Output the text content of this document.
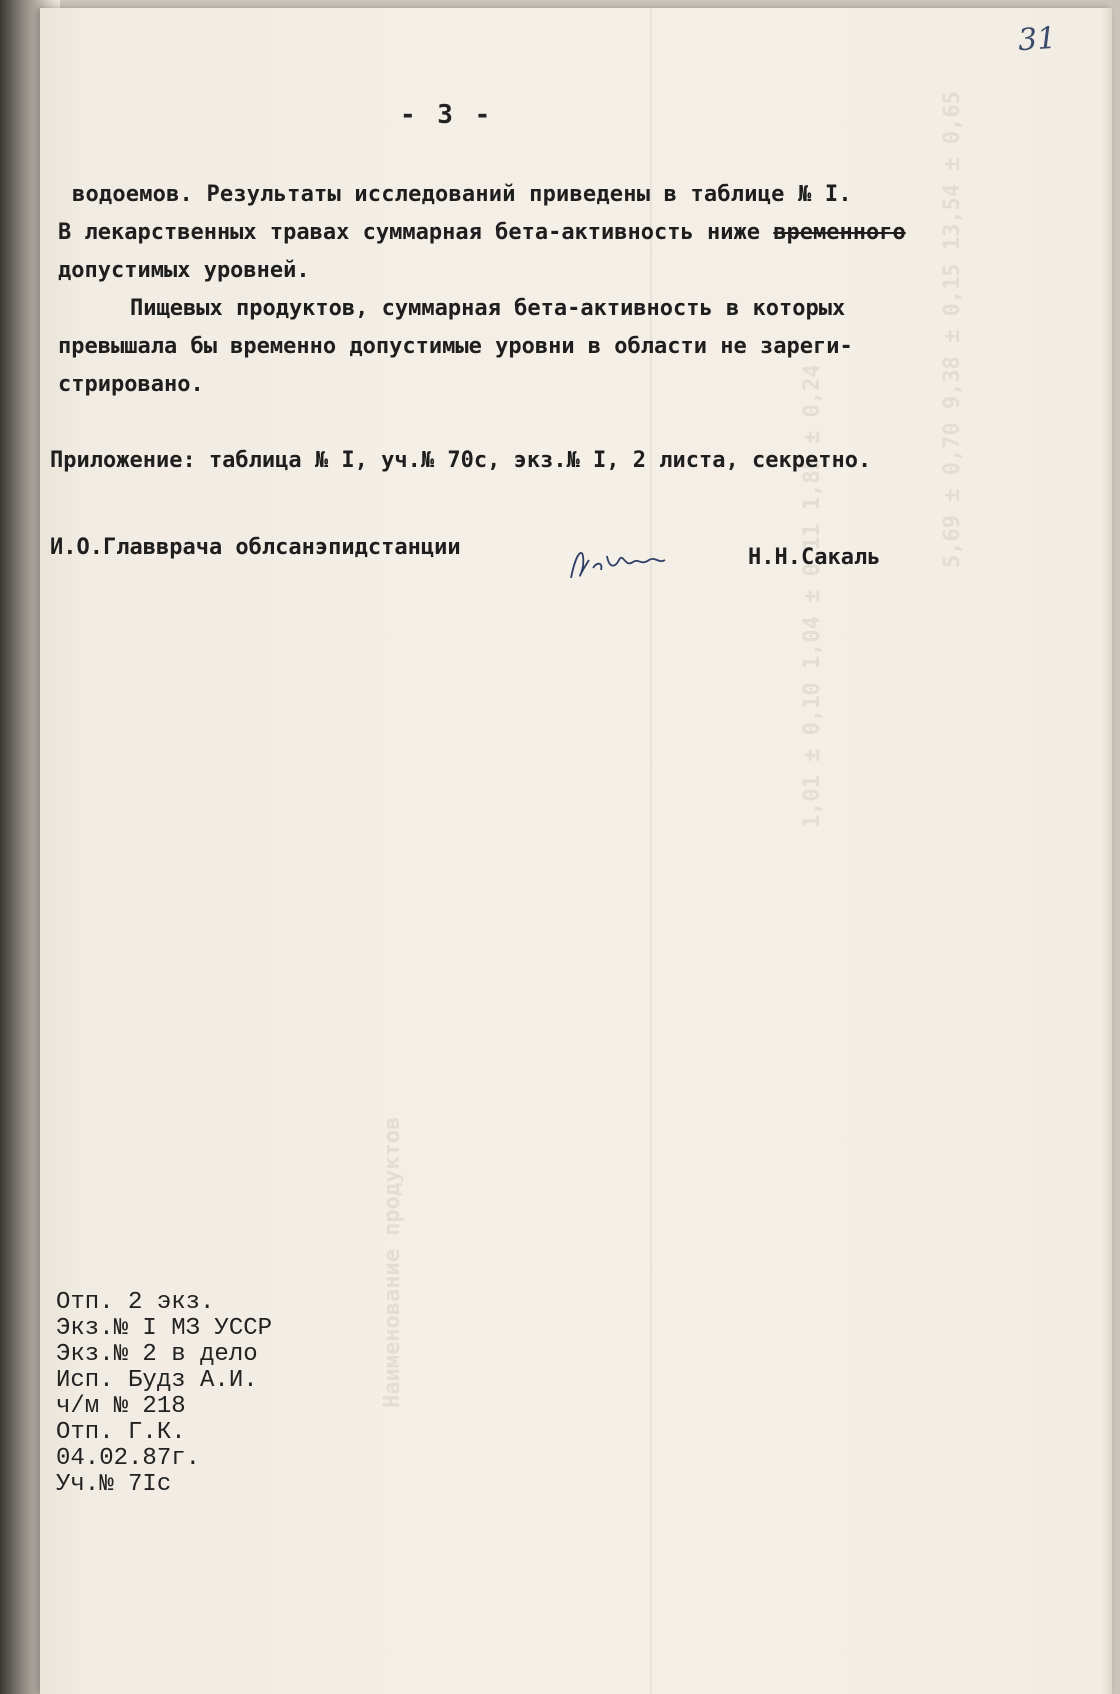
5,69 ± 0,70 9,38 ± 0,15 13,54 ± 0,65
1,01 ± 0,10 1,04 ± 0,11 1,85 ± 0,24
Наименование продуктов
31
- 3 -
водоемов. Результаты исследований приведены в таблице № I.
В лекарственных травах суммарная бета-активность ниже временного
допустимых уровней.
Пищевых продуктов, суммарная бета-активность в которых
превышала бы временно допустимые уровни в области не зареги-
стрировано.
Приложение: таблица № I, уч.№ 70с, экз.№ I, 2 листа, секретно.
И.О.Главврача облсанэпидстанции	Н.Н.Сакаль
Отп. 2 экз.
Экз.№ I МЗ УССР
Экз.№ 2 в дело
Исп. Будз А.И.
ч/м № 218
Отп. Г.К.
04.02.87г.
Уч.№ 7Iс
